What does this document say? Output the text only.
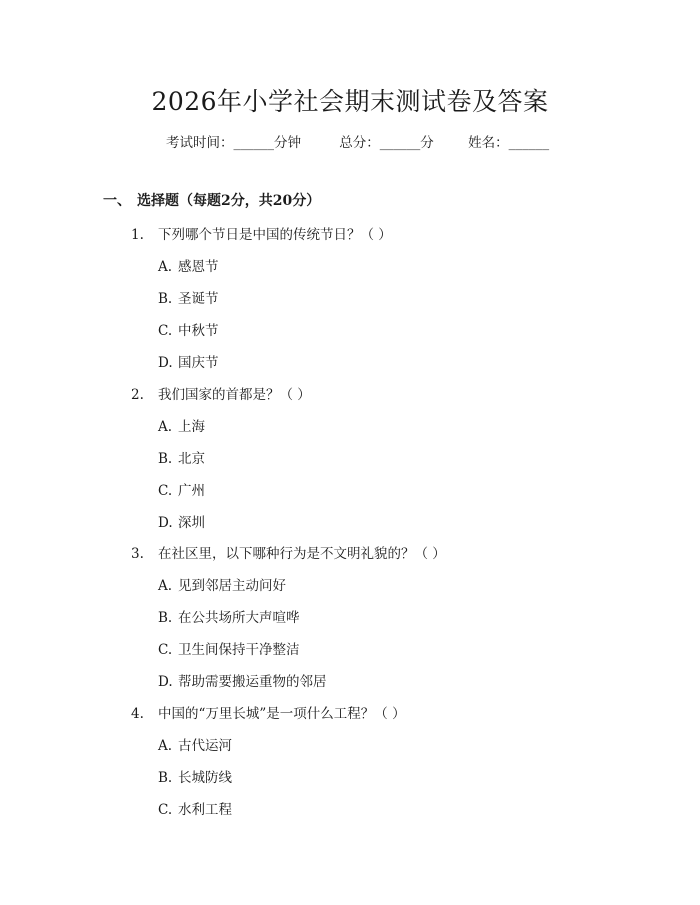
2026年小学社会期末测试卷及答案
考试时间：______分钟	总分：______分	姓名：______
一、 选择题（每题2分，共20分）
1. 下列哪个节日是中国的传统节日？（ ）
A. 感恩节
B. 圣诞节
C. 中秋节
D. 国庆节
2. 我们国家的首都是？（ ）
A. 上海
B. 北京
C. 广州
D. 深圳
3. 在社区里，以下哪种行为是不文明礼貌的？（ ）
A. 见到邻居主动问好
B. 在公共场所大声喧哗
C. 卫生间保持干净整洁
D. 帮助需要搬运重物的邻居
4. 中国的“万里长城”是一项什么工程？（ ）
A. 古代运河
B. 长城防线
C. 水利工程
